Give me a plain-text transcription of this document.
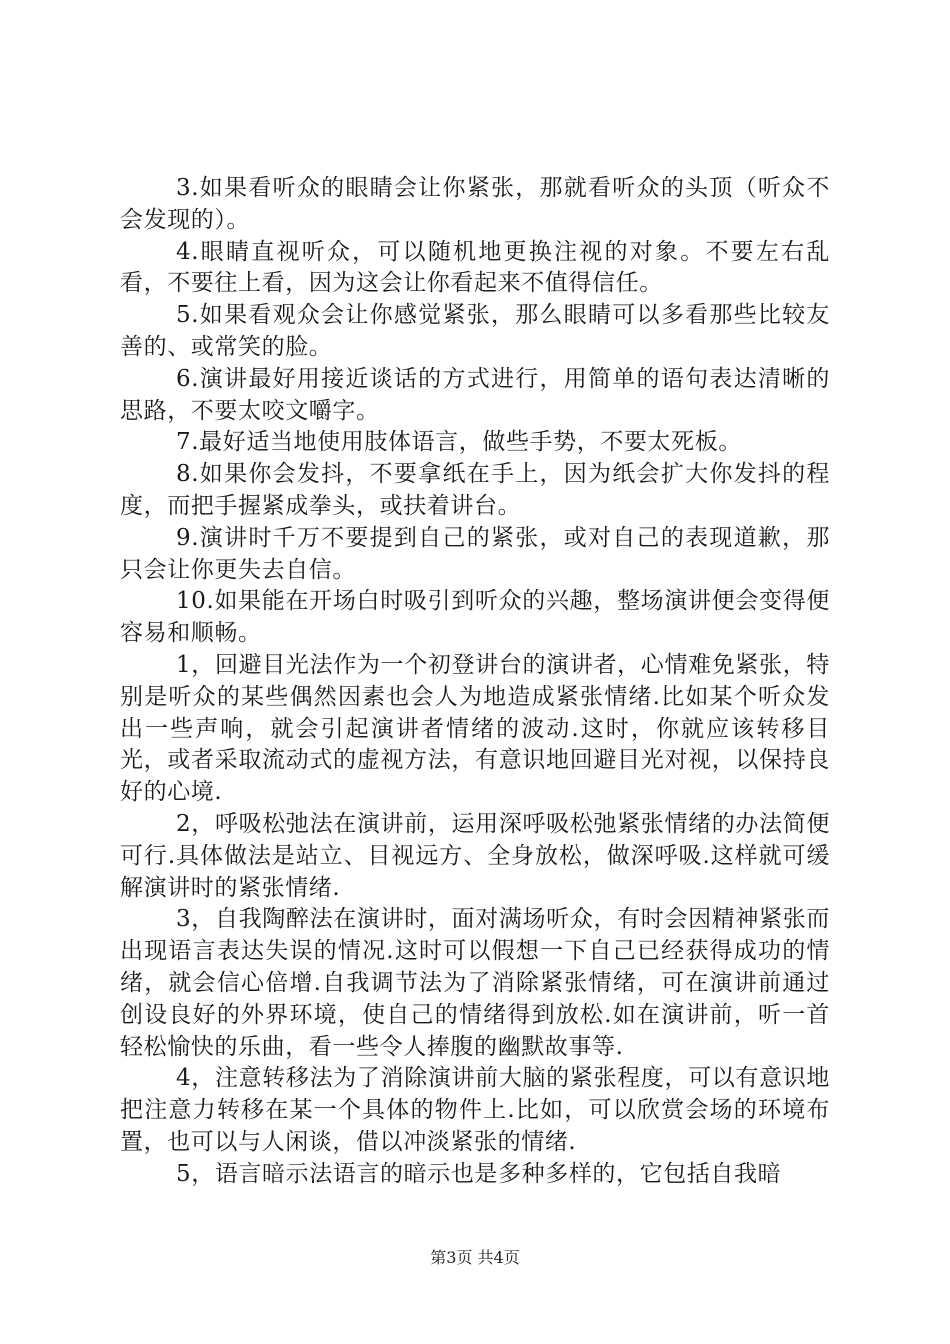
3.如果看听众的眼睛会让你紧张，那就看听众的头顶（听众不会发现的）。

4.眼睛直视听众，可以随机地更换注视的对象。不要左右乱看，不要往上看，因为这会让你看起来不值得信任。

5.如果看观众会让你感觉紧张，那么眼睛可以多看那些比较友善的、或常笑的脸。

6.演讲最好用接近谈话的方式进行，用简单的语句表达清晰的思路，不要太咬文嚼字。

7.最好适当地使用肢体语言，做些手势，不要太死板。

8.如果你会发抖，不要拿纸在手上，因为纸会扩大你发抖的程度，而把手握紧成拳头，或扶着讲台。

9.演讲时千万不要提到自己的紧张，或对自己的表现道歉，那只会让你更失去自信。

10.如果能在开场白时吸引到听众的兴趣，整场演讲便会变得便容易和顺畅。

1，回避目光法作为一个初登讲台的演讲者，心情难免紧张，特别是听众的某些偶然因素也会人为地造成紧张情绪.比如某个听众发出一些声响，就会引起演讲者情绪的波动.这时，你就应该转移目光，或者采取流动式的虚视方法，有意识地回避目光对视，以保持良好的心境.

2，呼吸松弛法在演讲前，运用深呼吸松弛紧张情绪的办法简便可行.具体做法是站立、目视远方、全身放松，做深呼吸.这样就可缓解演讲时的紧张情绪.

3，自我陶醉法在演讲时，面对满场听众，有时会因精神紧张而出现语言表达失误的情况.这时可以假想一下自己已经获得成功的情绪，就会信心倍增.自我调节法为了消除紧张情绪，可在演讲前通过创设良好的外界环境，使自己的情绪得到放松.如在演讲前，听一首轻松愉快的乐曲，看一些令人捧腹的幽默故事等.

4，注意转移法为了消除演讲前大脑的紧张程度，可以有意识地把注意力转移在某一个具体的物件上.比如，可以欣赏会场的环境布置，也可以与人闲谈，借以冲淡紧张的情绪.

5，语言暗示法语言的暗示也是多种多样的，它包括自我暗

第3页 共4页
